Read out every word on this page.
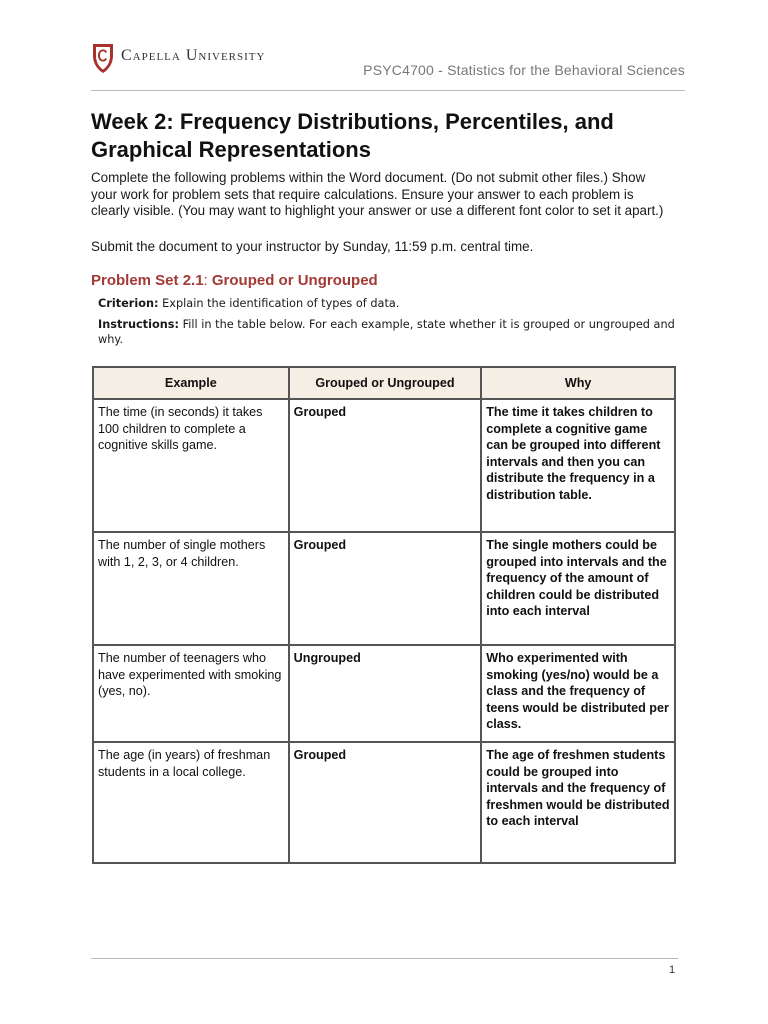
Capella University
PSYC4700 - Statistics for the Behavioral Sciences
Week 2: Frequency Distributions, Percentiles, and Graphical Representations

Complete the following problems within the Word document. (Do not submit other files.) Show your work for problem sets that require calculations. Ensure your answer to each problem is clearly visible. (You may want to highlight your answer or use a different font color to set it apart.)

Submit the document to your instructor by Sunday, 11:59 p.m. central time.

Problem Set 2.1: Grouped or Ungrouped

Criterion: Explain the identification of types of data.

Instructions: Fill in the table below. For each example, state whether it is grouped or ungrouped and why.

Example	Grouped or Ungrouped	Why
The time (in seconds) it takes 100 children to complete a cognitive skills game.	Grouped	The time it takes children to complete a cognitive game can be grouped into different intervals and then you can distribute the frequency in a distribution table.
The number of single mothers with 1, 2, 3, or 4 children.	Grouped	The single mothers could be grouped into intervals and the frequency of the amount of children could be distributed into each interval
The number of teenagers who have experimented with smoking (yes, no).	Ungrouped	Who experimented with smoking (yes/no) would be a class and the frequency of teens would be distributed per class.
The age (in years) of freshman students in a local college.	Grouped	The age of freshmen students could be grouped into intervals and the frequency of freshmen would be distributed to each interval
1
